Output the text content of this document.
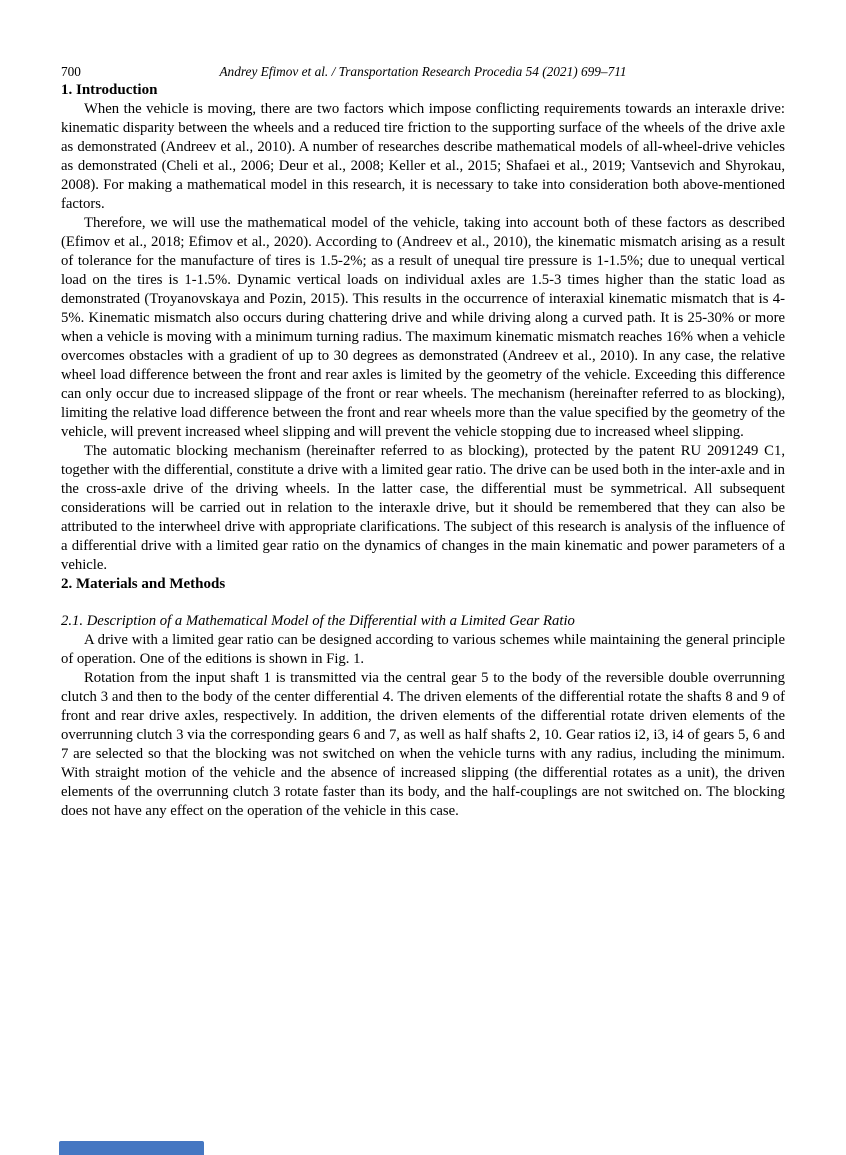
700	Andrey Efimov et al. / Transportation Research Procedia 54 (2021) 699–711
1. Introduction

When the vehicle is moving, there are two factors which impose conflicting requirements towards an interaxle drive: kinematic disparity between the wheels and a reduced tire friction to the supporting surface of the wheels of the drive axle as demonstrated (Andreev et al., 2010). A number of researches describe mathematical models of all-wheel-drive vehicles as demonstrated (Cheli et al., 2006; Deur et al., 2008; Keller et al., 2015; Shafaei et al., 2019; Vantsevich and Shyrokau, 2008). For making a mathematical model in this research, it is necessary to take into consideration both above-mentioned factors.

Therefore, we will use the mathematical model of the vehicle, taking into account both of these factors as described (Efimov et al., 2018; Efimov et al., 2020). According to (Andreev et al., 2010), the kinematic mismatch arising as a result of tolerance for the manufacture of tires is 1.5-2%; as a result of unequal tire pressure is 1-1.5%; due to unequal vertical load on the tires is 1-1.5%. Dynamic vertical loads on individual axles are 1.5-3 times higher than the static load as demonstrated (Troyanovskaya and Pozin, 2015). This results in the occurrence of interaxial kinematic mismatch that is 4-5%. Kinematic mismatch also occurs during chattering drive and while driving along a curved path. It is 25-30% or more when a vehicle is moving with a minimum turning radius. The maximum kinematic mismatch reaches 16% when a vehicle overcomes obstacles with a gradient of up to 30 degrees as demonstrated (Andreev et al., 2010). In any case, the relative wheel load difference between the front and rear axles is limited by the geometry of the vehicle. Exceeding this difference can only occur due to increased slippage of the front or rear wheels. The mechanism (hereinafter referred to as blocking), limiting the relative load difference between the front and rear wheels more than the value specified by the geometry of the vehicle, will prevent increased wheel slipping and will prevent the vehicle stopping due to increased wheel slipping.

The automatic blocking mechanism (hereinafter referred to as blocking), protected by the patent RU 2091249 C1, together with the differential, constitute a drive with a limited gear ratio. The drive can be used both in the inter-axle and in the cross-axle drive of the driving wheels. In the latter case, the differential must be symmetrical. All subsequent considerations will be carried out in relation to the interaxle drive, but it should be remembered that they can also be attributed to the interwheel drive with appropriate clarifications. The subject of this research is analysis of the influence of a differential drive with a limited gear ratio on the dynamics of changes in the main kinematic and power parameters of a vehicle.

2. Materials and Methods
2.1. Description of a Mathematical Model of the Differential with a Limited Gear Ratio

A drive with a limited gear ratio can be designed according to various schemes while maintaining the general principle of operation. One of the editions is shown in Fig. 1.

Rotation from the input shaft 1 is transmitted via the central gear 5 to the body of the reversible double overrunning clutch 3 and then to the body of the center differential 4. The driven elements of the differential rotate the shafts 8 and 9 of front and rear drive axles, respectively. In addition, the driven elements of the differential rotate driven elements of the overrunning clutch 3 via the corresponding gears 6 and 7, as well as half shafts 2, 10. Gear ratios i2, i3, i4 of gears 5, 6 and 7 are selected so that the blocking was not switched on when the vehicle turns with any radius, including the minimum. With straight motion of the vehicle and the absence of increased slipping (the differential rotates as a unit), the driven elements of the overrunning clutch 3 rotate faster than its body, and the half-couplings are not switched on. The blocking does not have any effect on the operation of the vehicle in this case.
